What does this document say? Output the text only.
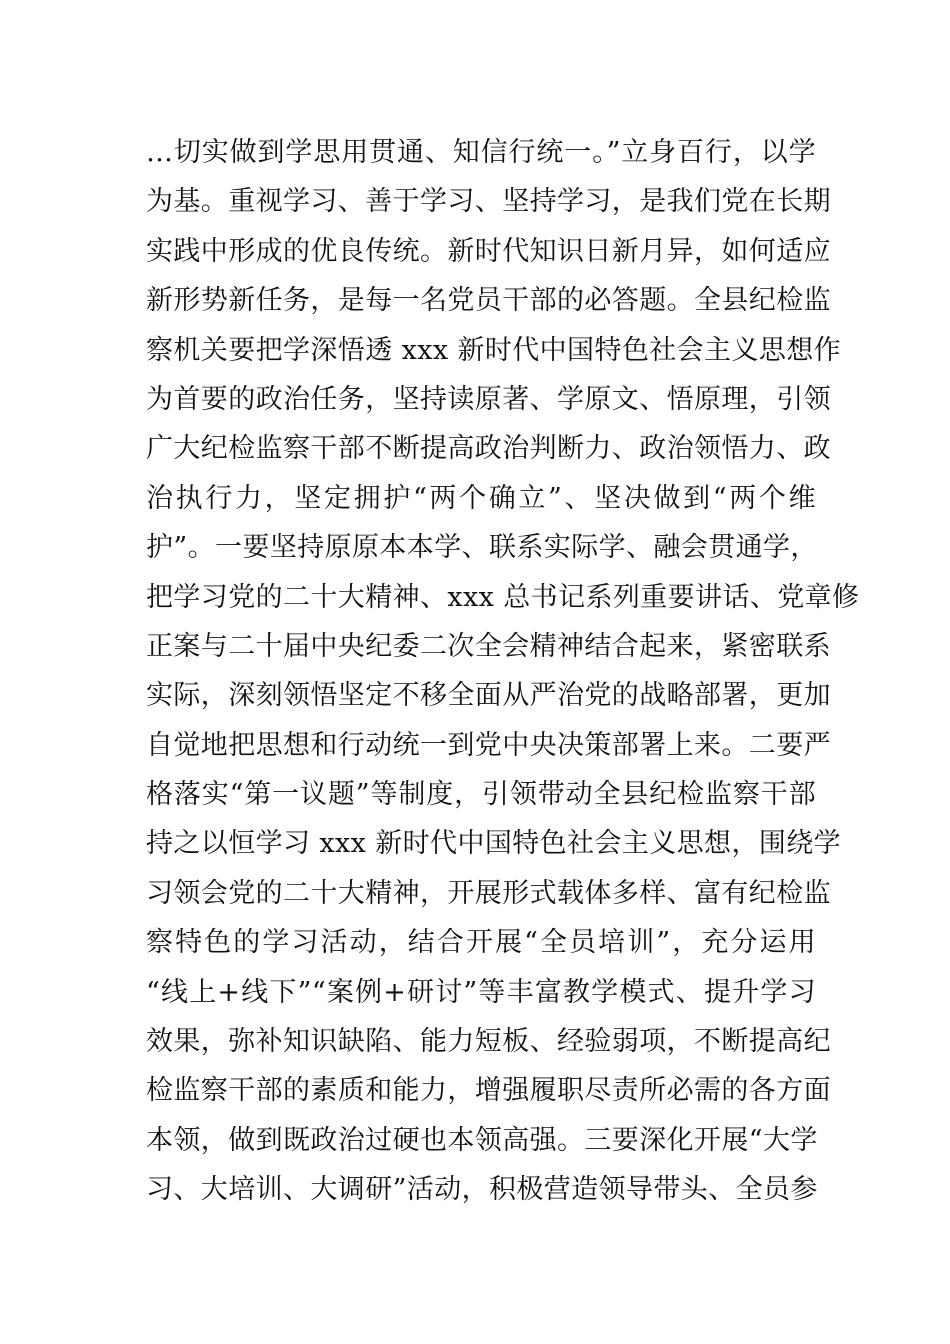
…切实做到学思用贯通、知信行统一。”立身百行，以学
为基。重视学习、善于学习、坚持学习，是我们党在长期
实践中形成的优良传统。新时代知识日新月异，如何适应
新形势新任务，是每一名党员干部的必答题。全县纪检监
察机关要把学深悟透 xxx 新时代中国特色社会主义思想作
为首要的政治任务，坚持读原著、学原文、悟原理，引领
广大纪检监察干部不断提高政治判断力、政治领悟力、政
治执行力，坚定拥护“两个确立”、坚决做到“两个维
护”。一要坚持原原本本学、联系实际学、融会贯通学，
把学习党的二十大精神、xxx 总书记系列重要讲话、党章修
正案与二十届中央纪委二次全会精神结合起来，紧密联系
实际，深刻领悟坚定不移全面从严治党的战略部署，更加
自觉地把思想和行动统一到党中央决策部署上来。二要严
格落实“第一议题”等制度，引领带动全县纪检监察干部
持之以恒学习 xxx 新时代中国特色社会主义思想，围绕学
习领会党的二十大精神，开展形式载体多样、富有纪检监
察特色的学习活动，结合开展“全员培训”，充分运用
“线上+线下”“案例+研讨”等丰富教学模式、提升学习
效果，弥补知识缺陷、能力短板、经验弱项，不断提高纪
检监察干部的素质和能力，增强履职尽责所必需的各方面
本领，做到既政治过硬也本领高强。三要深化开展“大学
习、大培训、大调研”活动，积极营造领导带头、全员参
